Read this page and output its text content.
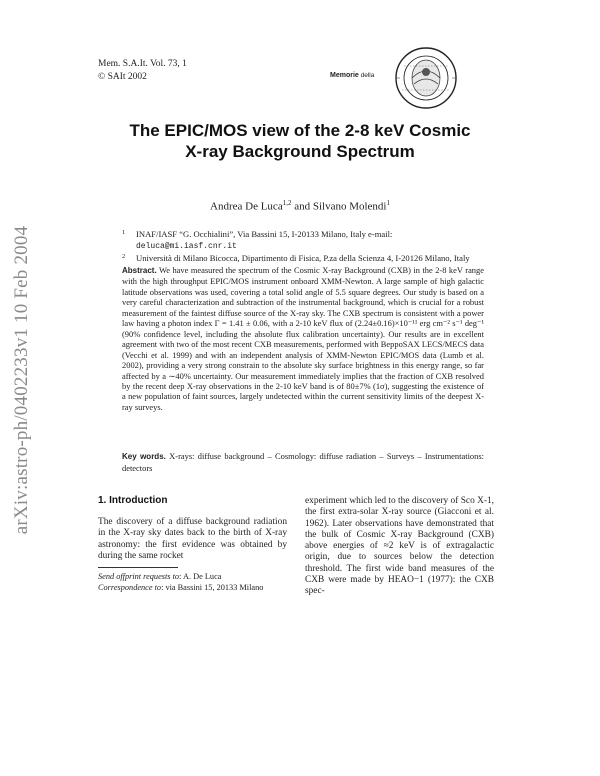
arXiv:astro-ph/0402233v1 10 Feb 2004
Mem. S.A.It. Vol. 73, 1
© SAIt 2002	Memorie della
The EPIC/MOS view of the 2-8 keV Cosmic
X-ray Background Spectrum
Andrea De Luca$^{1,2}$ and Silvano Molendi$^1$
1 INAF/IASF “G. Occhialini”, Via Bassini 15, I-20133 Milano, Italy e-mail:
deluca@mi.iasf.cnr.it
2 Università di Milano Bicocca, Dipartimento di Fisica, P.za della Scienza 4, I-20126 Milano, Italy
Abstract. We have measured the spectrum of the Cosmic X-ray Background (CXB) in the 2-8 keV range with the high throughput EPIC/MOS instrument onboard XMM-Newton. A large sample of high galactic latitude observations was used, covering a total solid angle of 5.5 square degrees. Our study is based on a very careful characterization and subtraction of the instrumental background, which is crucial for a robust measurement of the faintest diffuse source of the X-ray sky. The CXB spectrum is consistent with a power law having a photon index Γ = 1.41 ± 0.06, with a 2-10 keV flux of (2.24±0.16)×10⁻¹¹ erg cm⁻² s⁻¹ deg⁻¹ (90% confidence level, including the absolute flux calibration uncertainty). Our results are in excellent agreement with two of the most recent CXB measurements, performed with BeppoSAX LECS/MECS data (Vecchi et al. 1999) and with an independent analysis of XMM-Newton EPIC/MOS data (Lumb et al. 2002), providing a very strong constrain to the absolute sky surface brightness in this energy range, so far affected by a ∼40% uncertainty. Our measurement immediately implies that the fraction of CXB resolved by the recent deep X-ray observations in the 2-10 keV band is of 80±7% (1σ), suggesting the existence of a new population of faint sources, largely undetected within the current sensitivity limits of the deepest X-ray surveys.
Key words. X-rays: diffuse background – Cosmology: diffuse radiation – Surveys – Instrumentations: detectors
1. Introduction
The discovery of a diffuse background radiation in the X-ray sky dates back to the birth of X-ray astronomy: the first evidence was obtained by during the same rocket
experiment which led to the discovery of Sco X-1, the first extra-solar X-ray source (Giacconi et al. 1962). Later observations have demonstrated that the bulk of Cosmic X-ray Background (CXB) above energies of ≈2 keV is of extragalactic origin, due to sources below the detection threshold. The first wide band measures of the CXB were made by HEAO−1 (1977): the CXB spec-
Send offprint requests to: A. De Luca
Correspondence to: via Bassini 15, 20133 Milano
